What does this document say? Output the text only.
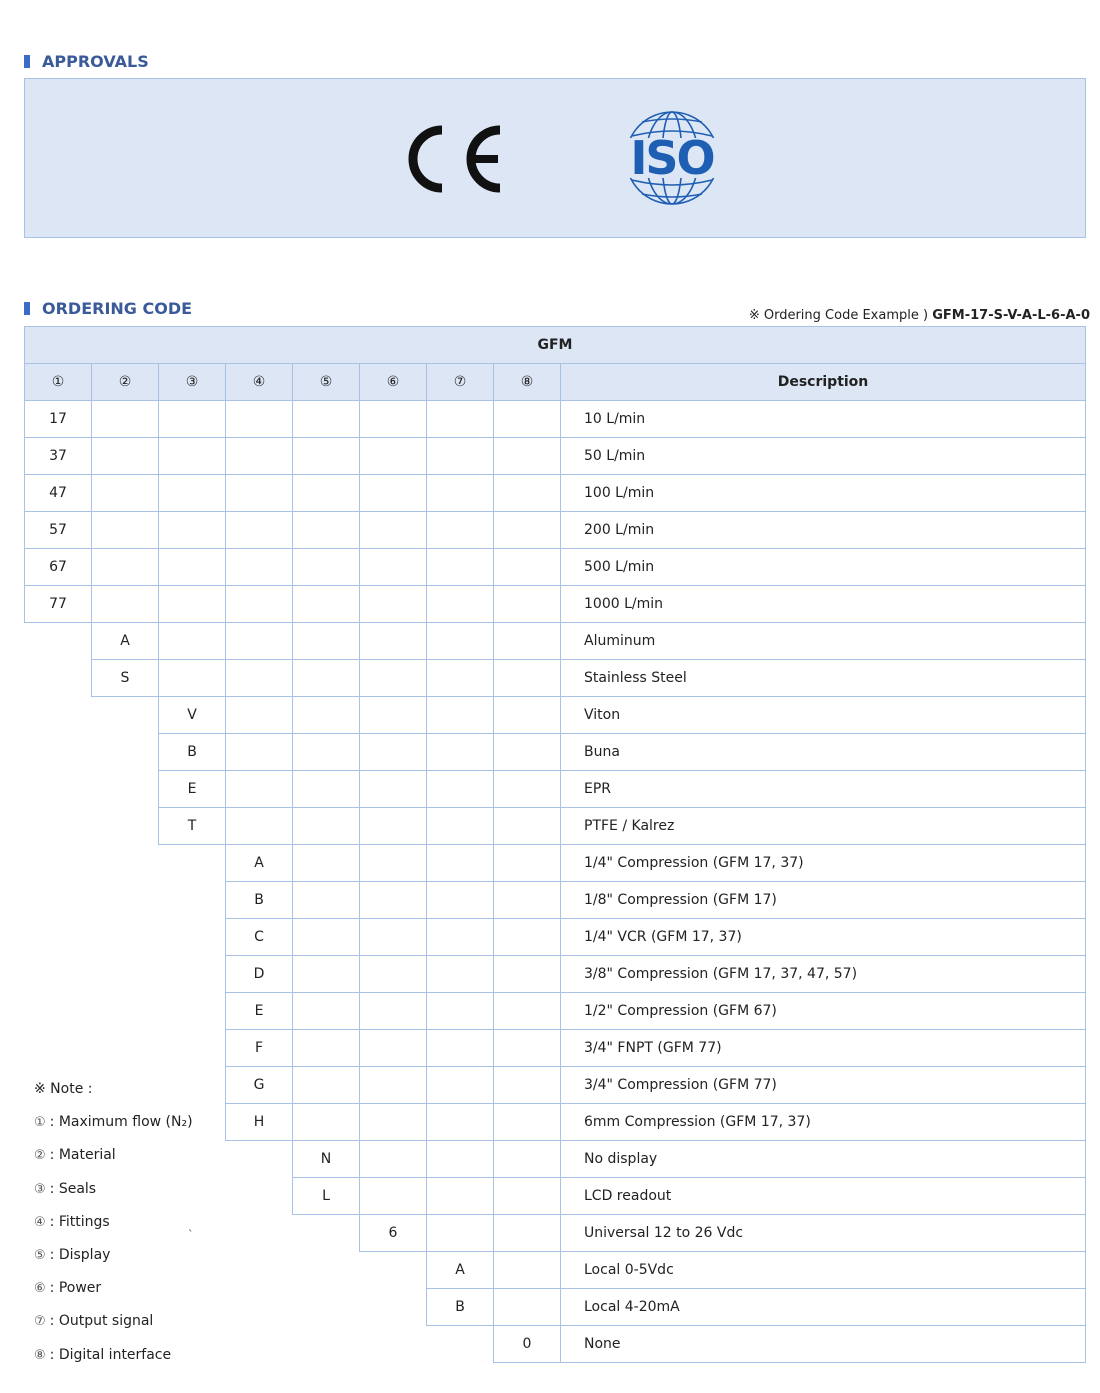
APPROVALS
ISO
ORDERING CODE	※ Ordering Code Example ) GFM-17-S-V-A-L-6-A-0
GFM								
①	②	③	④	⑤	⑥	⑦	⑧	Description
17								10 L/min
37								50 L/min
47								100 L/min
57								200 L/min
67								500 L/min
77								1000 L/min
	A							Aluminum
	S							Stainless Steel
		V						Viton
		B						Buna
		E						EPR
		T						PTFE / Kalrez
			A					1/4" Compression (GFM 17, 37)
			B					1/8" Compression (GFM 17)
			C					1/4" VCR (GFM 17, 37)
			D					3/8" Compression (GFM 17, 37, 47, 57)
			E					1/2" Compression (GFM 67)
			F					3/4" FNPT (GFM 77)
			G					3/4" Compression (GFM 77)
			H					6mm Compression (GFM 17, 37)
				N				No display
				L				LCD readout
					6			Universal 12 to 26 Vdc
						A		Local 0-5Vdc
						B		Local 4-20mA
							0	None
※ Note :
① : Maximum flow (N₂)
② : Material
③ : Seals
④ : Fittings
⑤ : Display
⑥ : Power
⑦ : Output signal
⑧ : Digital interface
`
